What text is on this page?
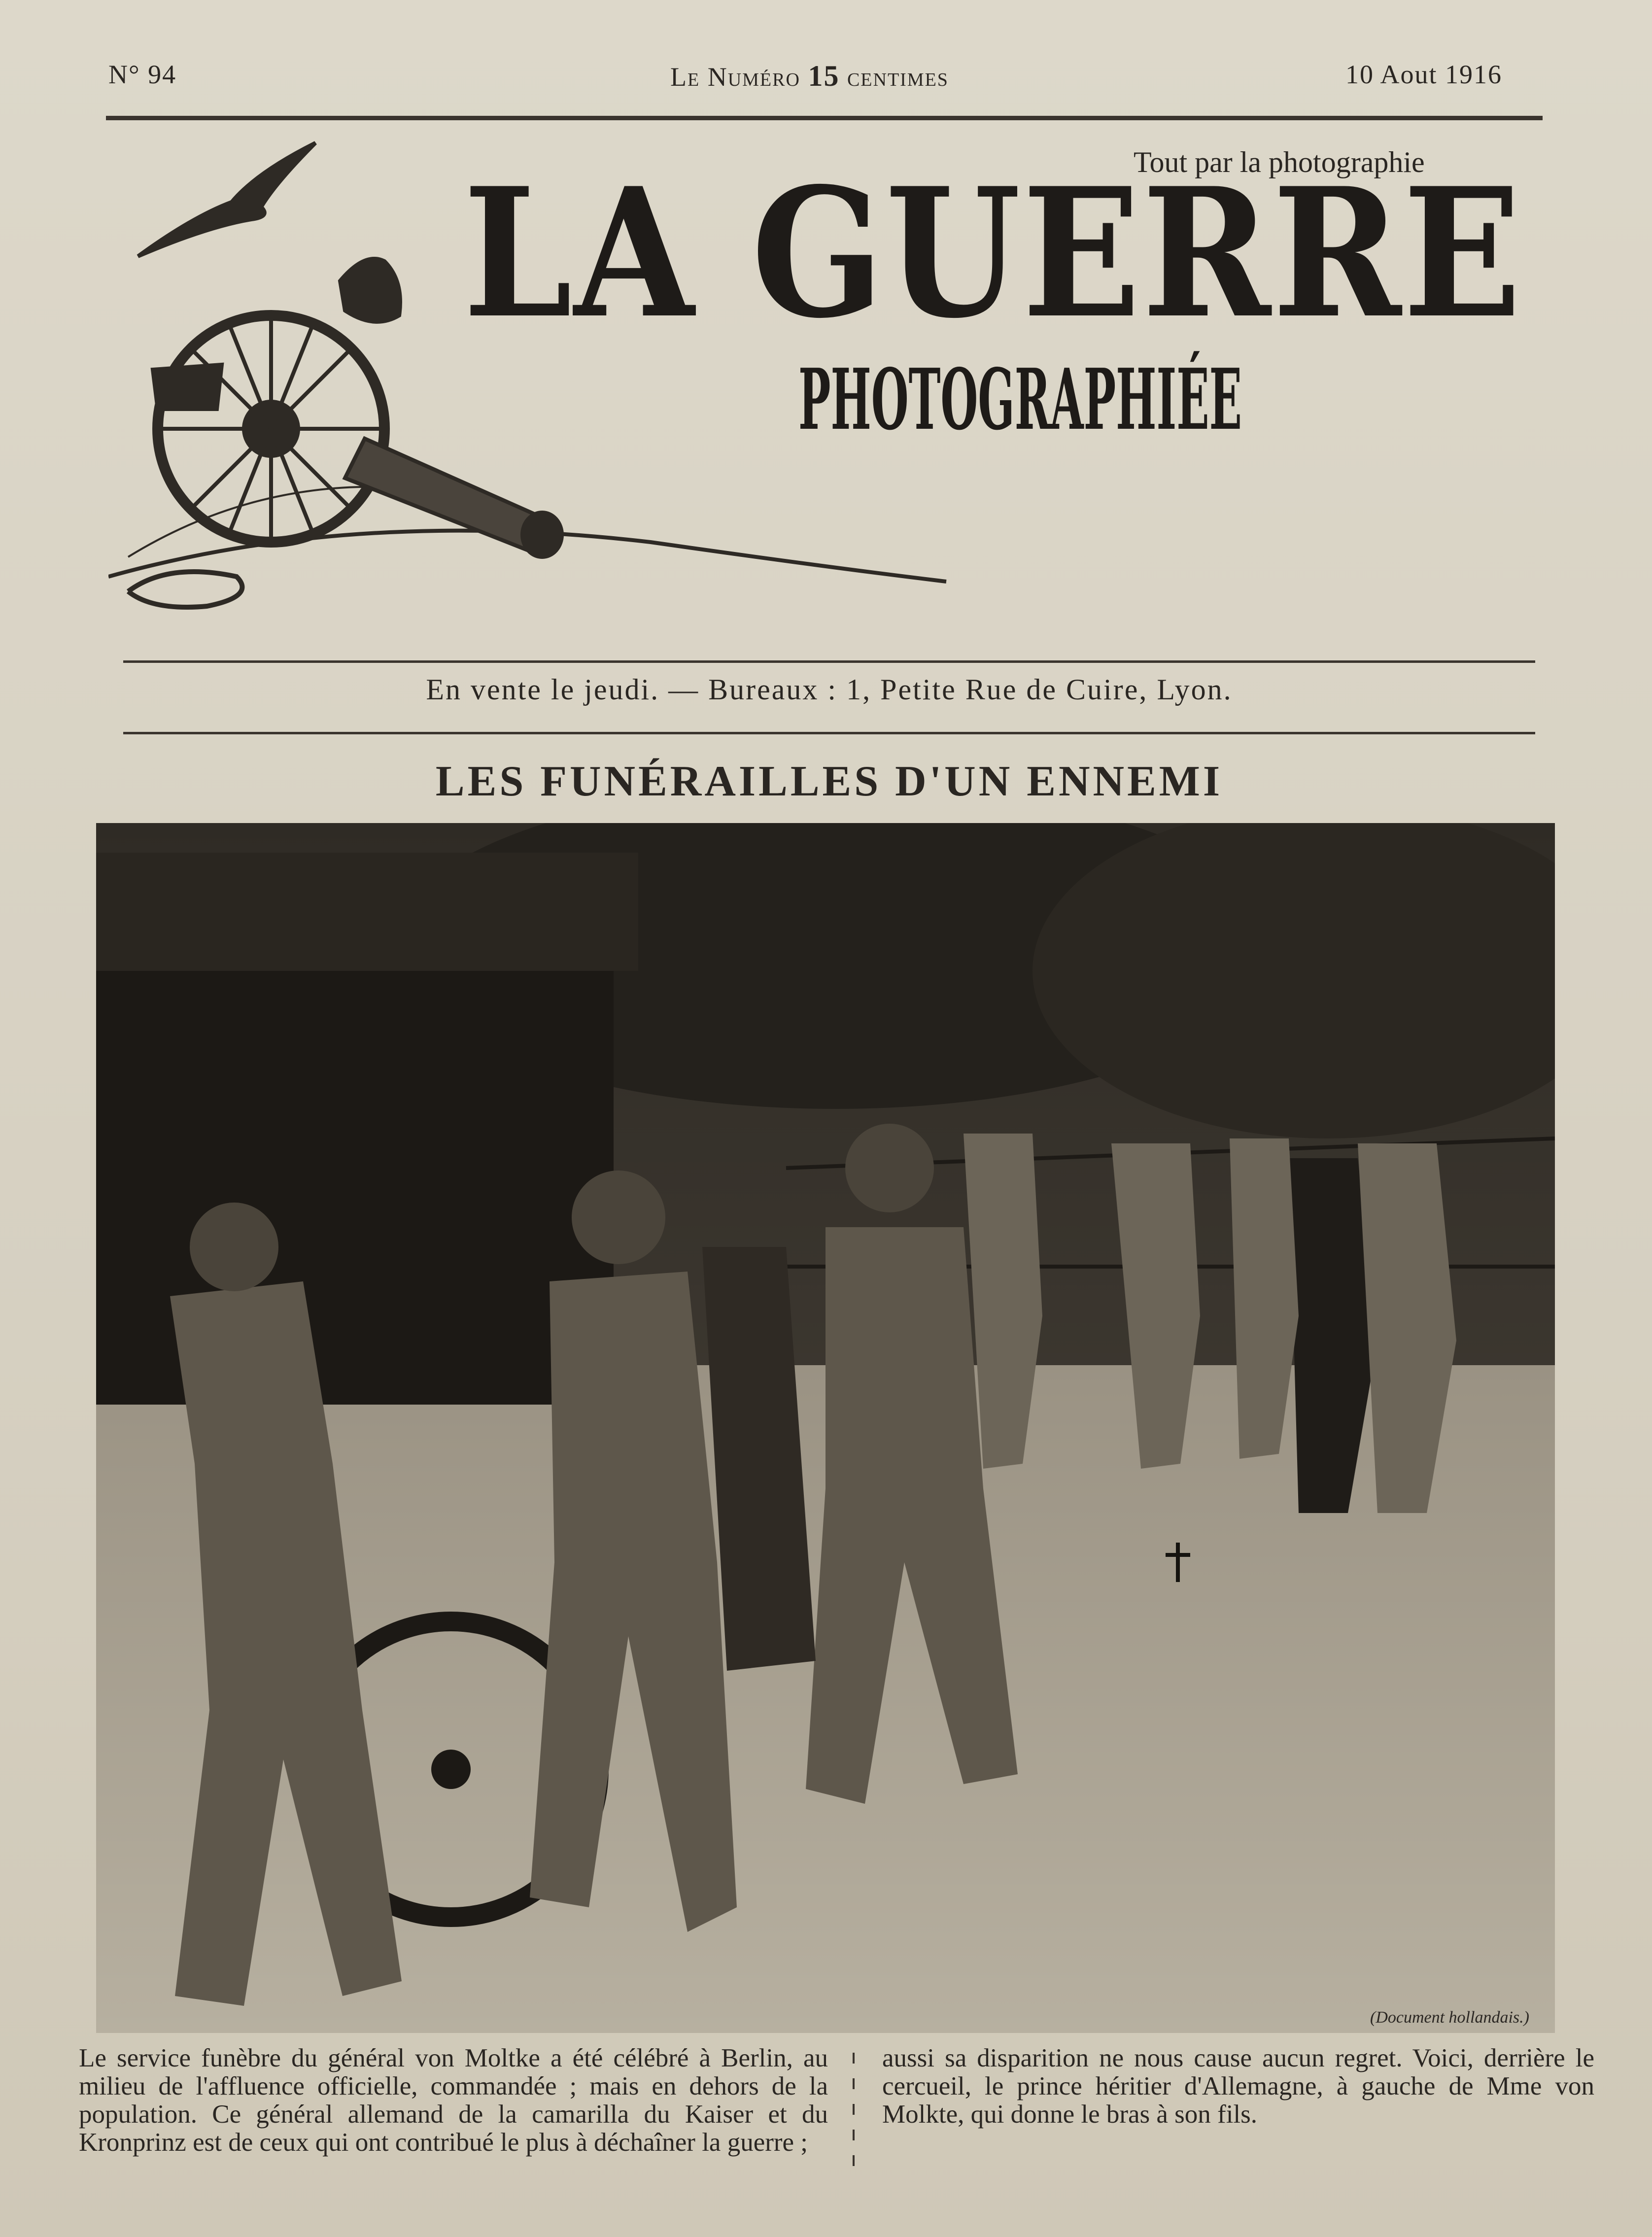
N° 94	Le Numéro 15 centimes	10 Aout 1916
Tout par la photographie
LA GUERRE
PHOTOGRAPHIÉE
En vente le jeudi. — Bureaux : 1, Petite Rue de Cuire, Lyon.
LES FUNÉRAILLES D'UN ENNEMI
(Document hollandais.)
Le service funèbre du général von Moltke a été célébré à Berlin, au milieu de l'affluence officielle, commandée ; mais en dehors de la population. Ce général allemand de la camarilla du Kaiser et du Kronprinz est de ceux qui ont contribué le plus à déchaîner la guerre ;
aussi sa disparition ne nous cause aucun regret. Voici, derrière le cercueil, le prince héritier d'Allemagne, à gauche de Mme von Molkte, qui donne le bras à son fils.
